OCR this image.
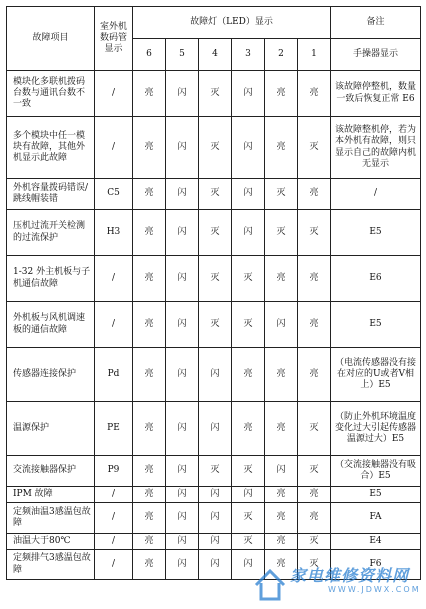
故障项目	室外机数码管显示	故障灯（LED）显示						备注
		6	5	4	3	2	1	手操器显示
模块化多联机拨码台数与通讯台数不一致	/	亮	闪	灭	闪	亮	亮	该故障停整机，数量一致后恢复正常 E6
多个模块中任一模块有故障，其他外机显示此故障	/	亮	闪	灭	闪	亮	灭	该故障整机停，若为本外机有故障，则只显示自己的故障内机无显示
外机容量拨码错误/跳线帽装错	C5	亮	闪	灭	闪	灭	亮	/
压机过流开关检测的过流保护	H3	亮	闪	灭	闪	灭	灭	E5
1-32 外主机板与子机通信故障	/	亮	闪	灭	灭	亮	亮	E6
外机板与风机调速板的通信故障	/	亮	闪	灭	灭	闪	亮	E5
传感器连接保护	Pd	亮	闪	闪	亮	亮	亮	（电流传感器没有接在对应的U或者V相上）E5
温源保护	PE	亮	闪	闪	亮	亮	灭	（防止外机环境温度变化过大引起传感器温源过大）E5
交流接触器保护	P9	亮	闪	灭	灭	闪	灭	（交流接触器没有吸合）E5
IPM 故障	/	亮	闪	闪	闪	亮	亮	E5
定频油温3感温包故障	/	亮	闪	闪	灭	亮	亮	FA
油温大于80℃	/	亮	闪	闪	灭	亮	灭	E4
定频排气3感温包故障	/	亮	闪	闪	闪	亮	灭	F6
家电维修资料网
WWW.JDWX.COM
